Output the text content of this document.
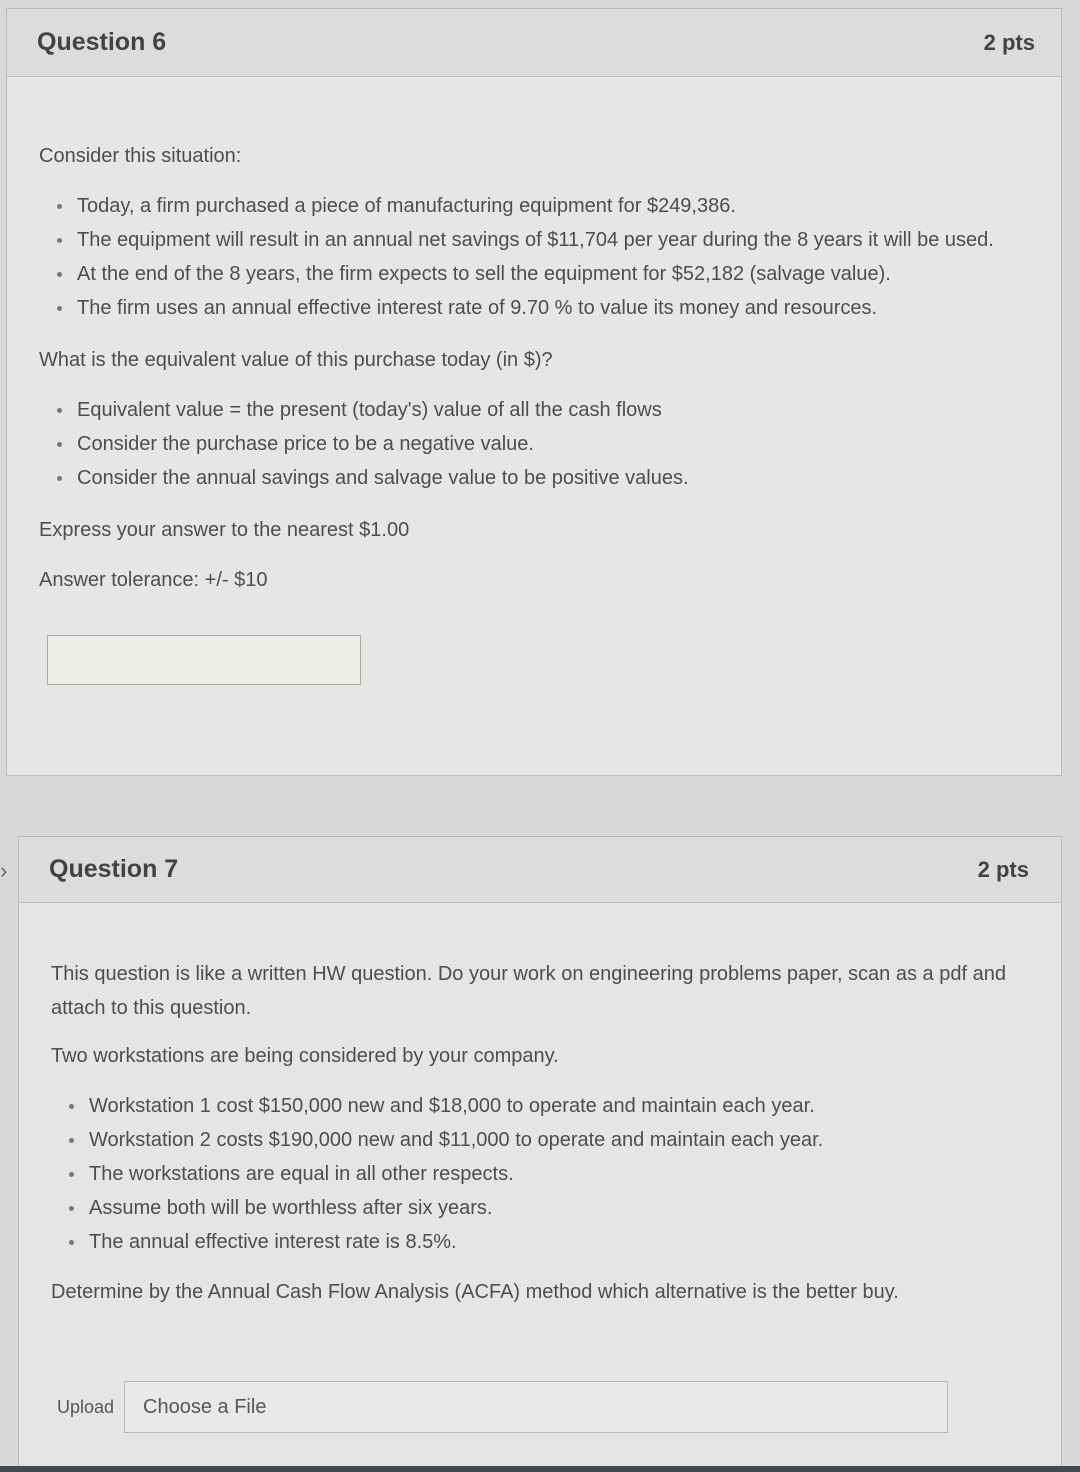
Question 6	2 pts

Consider this situation:

Today, a firm purchased a piece of manufacturing equipment for $249,386.
The equipment will result in an annual net savings of $11,704 per year during the 8 years it will be used.
At the end of the 8 years, the firm expects to sell the equipment for $52,182 (salvage value).
The firm uses an annual effective interest rate of 9.70 % to value its money and resources.

What is the equivalent value of this purchase today (in $)?

Equivalent value = the present (today's) value of all the cash flows
Consider the purchase price to be a negative value.
Consider the annual savings and salvage value to be positive values.

Express your answer to the nearest $1.00

Answer tolerance: +/- $10

› Question 7	2 pts

This question is like a written HW question. Do your work on engineering problems paper, scan as a pdf and attach to this question.

Two workstations are being considered by your company.

Workstation 1 cost $150,000 new and $18,000 to operate and maintain each year.
Workstation 2 costs $190,000 new and $11,000 to operate and maintain each year.
The workstations are equal in all other respects.
Assume both will be worthless after six years.
The annual effective interest rate is 8.5%.

Determine by the Annual Cash Flow Analysis (ACFA) method which alternative is the better buy.

Upload Choose a File
